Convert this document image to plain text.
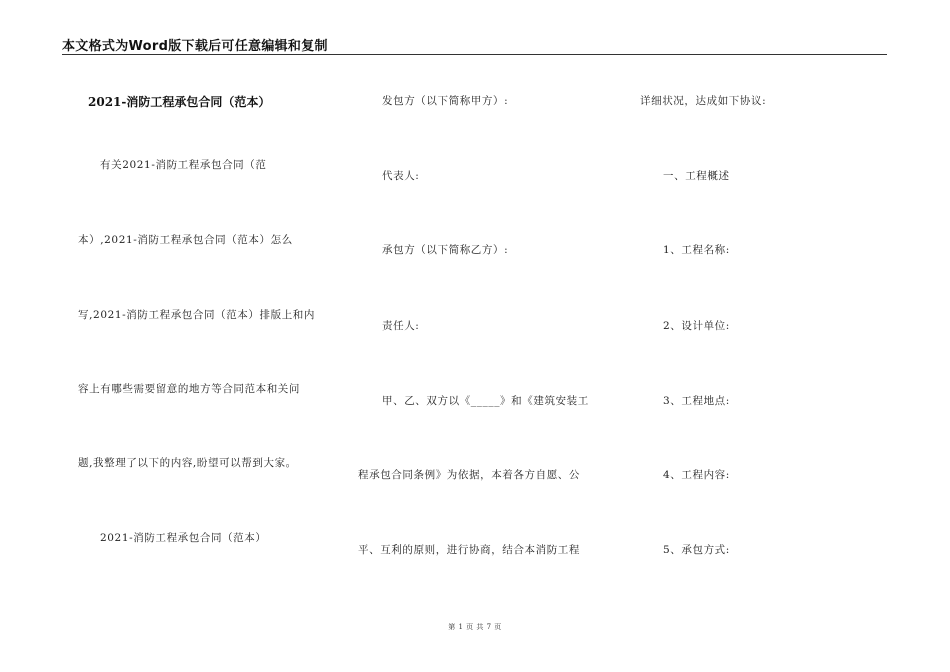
本文格式为Word版下载后可任意编辑和复制
2021-消防工程承包合同（范本）
有关2021-消防工程承包合同（范
本）,2021-消防工程承包合同（范本）怎么
写,2021-消防工程承包合同（范本）排版上和内
容上有哪些需要留意的地方等合同范本和关问
题,我整理了以下的内容,盼望可以帮到大家。
2021-消防工程承包合同（范本）
发包方（以下简称甲方）:
代表人:
承包方（以下简称乙方）:
责任人:
甲、乙、双方以《_____》和《建筑安装工
程承包合同条例》为依据，本着各方自愿、公
平、互利的原则，进行协商，结合本消防工程
详细状况，达成如下协议:
一、工程概述
1、工程名称:
2、设计单位:
3、工程地点:
4、工程内容:
5、承包方式:
第 1 页 共 7 页
